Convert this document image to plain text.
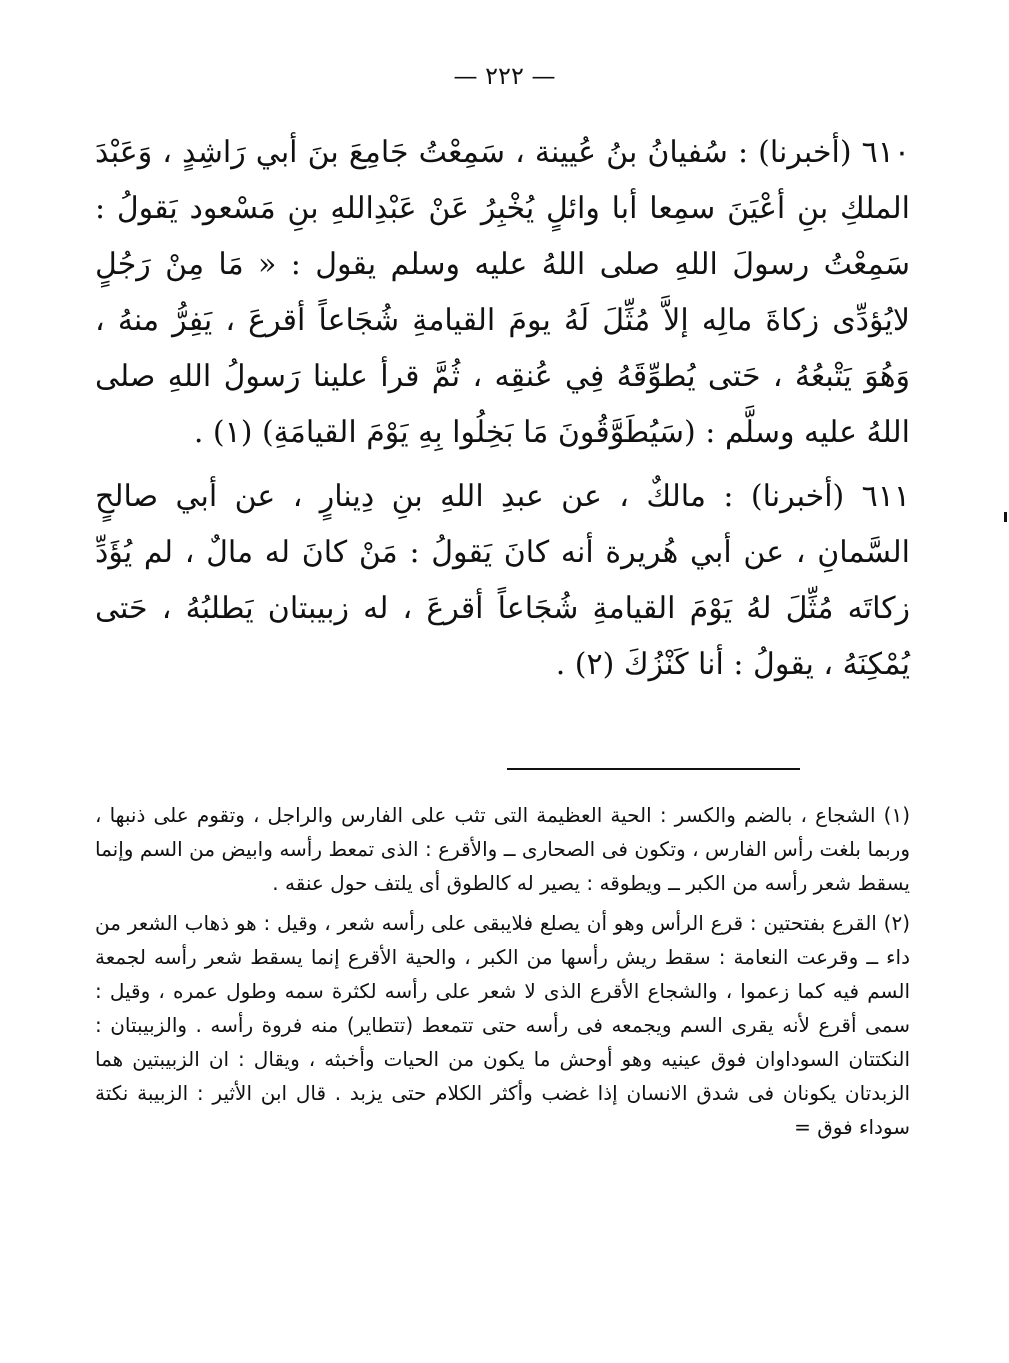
— ٢٢٢ —

٦١٠ (أخبرنا) : سُفيانُ بنُ عُيينة ، سَمِعْتُ جَامِعَ بنَ أبي رَاشِدٍ ، وَعَبْدَ الملكِ بنِ أعْيَنَ سمِعا أبا وائلٍ يُخْبِرُ عَنْ عَبْدِاللهِ بنِ مَسْعود يَقولُ : سَمِعْتُ رسولَ اللهِ صلى اللهُ عليه وسلم يقول : « مَا مِنْ رَجُلٍ لايُؤدِّى زكاةَ مالِه إلاَّ مُثِّلَ لَهُ يومَ القيامةِ شُجَاعاً أقرعَ ، يَفِرُّ منهُ ، وَهُوَ يَتْبعُهُ ، حَتى يُطوِّقَهُ فِي عُنقِه ، ثُمَّ قرأ علينا رَسولُ اللهِ صلى اللهُ عليه وسلَّم : (سَيُطَوَّقُونَ مَا بَخِلُوا بِهِ يَوْمَ القيامَةِ) (١) .

٦١١ (أخبرنا) : مالكٌ ، عن عبدِ اللهِ بنِ دِينارٍ ، عن أبي صالحٍ السَّمانِ ، عن أبي هُريرة أنه كانَ يَقولُ : مَنْ كانَ له مالٌ ، لم يُؤَدِّ زكاتَه مُثِّلَ لهُ يَوْمَ القيامةِ شُجَاعاً أقرعَ ، له زبيبتان يَطلبُهُ ، حَتى يُمْكِنَهُ ، يقولُ : أنا كَنْزُكَ (٢) .

(١) الشجاع ، بالضم والكسر : الحية العظيمة التى تثب على الفارس والراجل ، وتقوم على ذنبها ، وربما بلغت رأس الفارس ، وتكون فى الصحارى ــ والأقرع : الذى تمعط رأسه وابيض من السم وإنما يسقط شعر رأسه من الكبر ــ ويطوقه : يصير له كالطوق أى يلتف حول عنقه .

(٢) القرع بفتحتين : قرع الرأس وهو أن يصلع فلايبقى على رأسه شعر ، وقيل : هو ذهاب الشعر من داء ــ وقرعت النعامة : سقط ريش رأسها من الكبر ، والحية الأقرع إنما يسقط شعر رأسه لجمعة السم فيه كما زعموا ، والشجاع الأقرع الذى لا شعر على رأسه لكثرة سمه وطول عمره ، وقيل : سمى أقرع لأنه يقرى السم ويجمعه فى رأسه حتى تتمعط (تتطاير) منه فروة رأسه . والزبيبتان : النكتتان السوداوان فوق عينيه وهو أوحش ما يكون من الحيات وأخبثه ، ويقال : ان الزبيبتين هما الزبدتان يكونان فى شدق الانسان إذا غضب وأكثر الكلام حتى يزبد . قال ابن الأثير : الزبيبة نكتة سوداء فوق =
